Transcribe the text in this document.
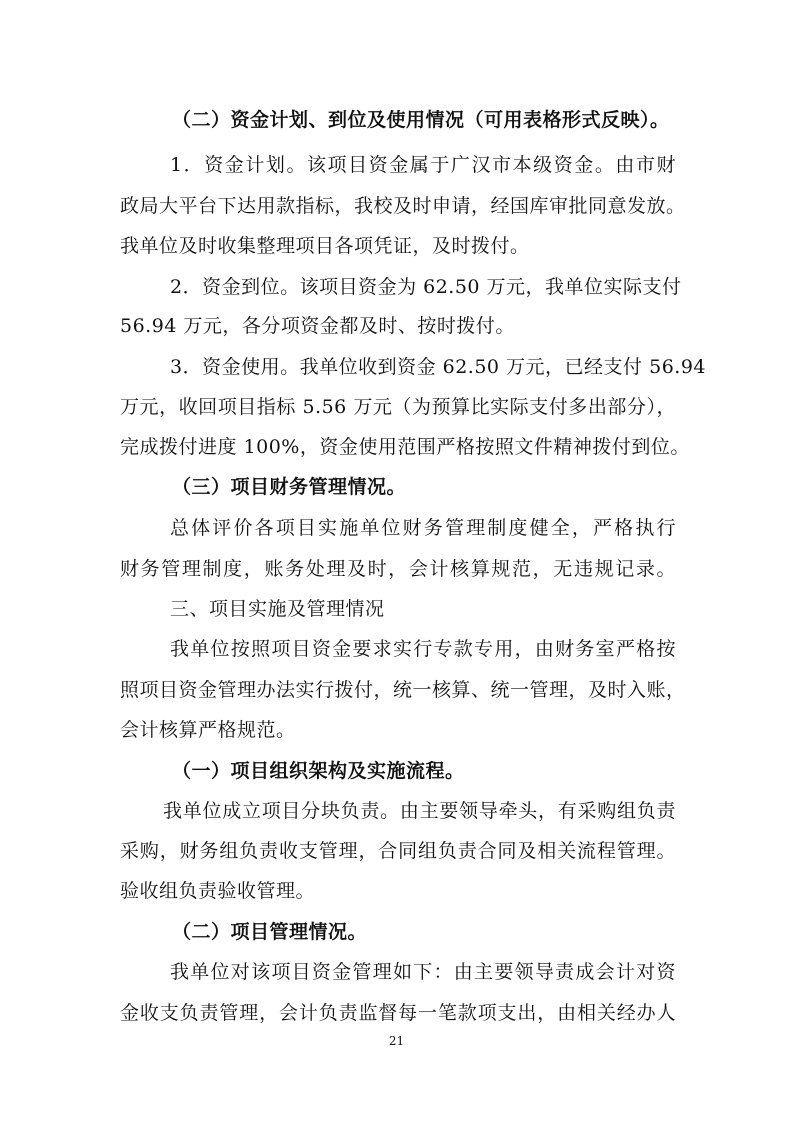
（二）资金计划、到位及使用情况（可用表格形式反映）。
1．资金计划。该项目资金属于广汉市本级资金。由市财
政局大平台下达用款指标，我校及时申请，经国库审批同意发放。
我单位及时收集整理项目各项凭证，及时拨付。
2．资金到位。该项目资金为 62.50 万元，我单位实际支付
56.94 万元，各分项资金都及时、按时拨付。
3．资金使用。我单位收到资金 62.50 万元，已经支付 56.94
万元，收回项目指标 5.56 万元（为预算比实际支付多出部分），
完成拨付进度 100%，资金使用范围严格按照文件精神拨付到位。
（三）项目财务管理情况。
总体评价各项目实施单位财务管理制度健全，严格执行
财务管理制度，账务处理及时，会计核算规范，无违规记录。
三、项目实施及管理情况
我单位按照项目资金要求实行专款专用，由财务室严格按
照项目资金管理办法实行拨付，统一核算、统一管理，及时入账，
会计核算严格规范。
（一）项目组织架构及实施流程。
我单位成立项目分块负责。由主要领导牵头，有采购组负责
采购，财务组负责收支管理，合同组负责合同及相关流程管理。
验收组负责验收管理。
（二）项目管理情况。
我单位对该项目资金管理如下：由主要领导责成会计对资
金收支负责管理，会计负责监督每一笔款项支出，由相关经办人
21
